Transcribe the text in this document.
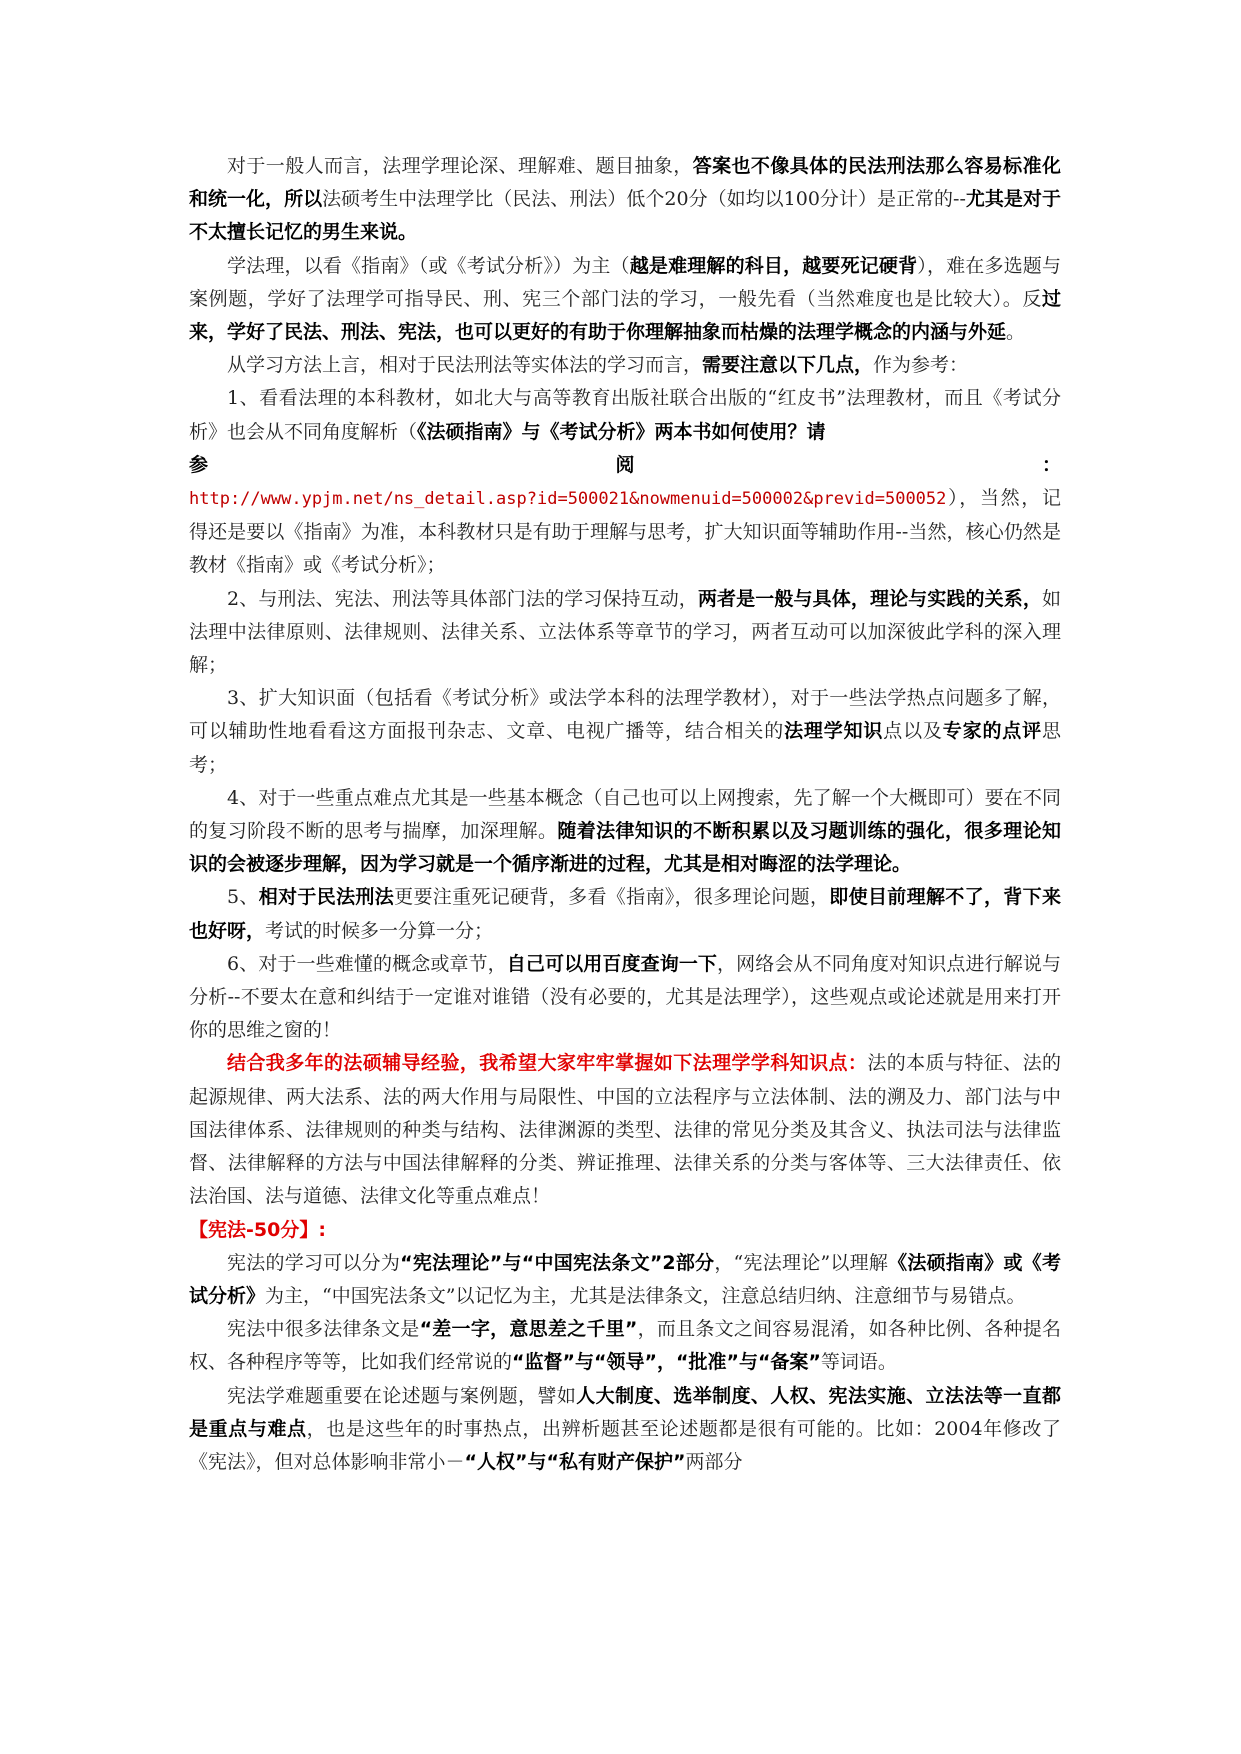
对于一般人而言，法理学理论深、理解难、题目抽象，答案也不像具体的民法刑法那么容易标准化和统一化，所以法硕考生中法理学比（民法、刑法）低个20分（如均以100分计）是正常的--尤其是对于不太擅长记忆的男生来说。

学法理，以看《指南》（或《考试分析》）为主（越是难理解的科目，越要死记硬背），难在多选题与案例题，学好了法理学可指导民、刑、宪三个部门法的学习，一般先看（当然难度也是比较大）。反过来，学好了民法、刑法、宪法，也可以更好的有助于你理解抽象而枯燥的法理学概念的内涵与外延。

从学习方法上言，相对于民法刑法等实体法的学习而言，需要注意以下几点，作为参考：

1、看看法理的本科教材，如北大与高等教育出版社联合出版的“红皮书”法理教材，而且《考试分析》也会从不同角度解析（《法硕指南》与《考试分析》两本书如何使用？请

参	阅	：

http://www.ypjm.net/ns_detail.asp?id=500021&nowmenuid=500002&previd=500052），当然，记得还是要以《指南》为准，本科教材只是有助于理解与思考，扩大知识面等辅助作用--当然，核心仍然是教材《指南》或《考试分析》；

2、与刑法、宪法、刑法等具体部门法的学习保持互动，两者是一般与具体，理论与实践的关系，如法理中法律原则、法律规则、法律关系、立法体系等章节的学习，两者互动可以加深彼此学科的深入理解；

3、扩大知识面（包括看《考试分析》或法学本科的法理学教材），对于一些法学热点问题多了解，可以辅助性地看看这方面报刊杂志、文章、电视广播等，结合相关的法理学知识点以及专家的点评思考；

4、对于一些重点难点尤其是一些基本概念（自己也可以上网搜索，先了解一个大概即可）要在不同的复习阶段不断的思考与揣摩，加深理解。随着法律知识的不断积累以及习题训练的强化，很多理论知识的会被逐步理解，因为学习就是一个循序渐进的过程，尤其是相对晦涩的法学理论。

5、相对于民法刑法更要注重死记硬背，多看《指南》，很多理论问题，即使目前理解不了，背下来也好呀，考试的时候多一分算一分；

6、对于一些难懂的概念或章节，自己可以用百度查询一下，网络会从不同角度对知识点进行解说与分析--不要太在意和纠结于一定谁对谁错（没有必要的，尤其是法理学），这些观点或论述就是用来打开你的思维之窗的！

结合我多年的法硕辅导经验，我希望大家牢牢掌握如下法理学学科知识点：法的本质与特征、法的起源规律、两大法系、法的两大作用与局限性、中国的立法程序与立法体制、法的溯及力、部门法与中国法律体系、法律规则的种类与结构、法律渊源的类型、法律的常见分类及其含义、执法司法与法律监督、法律解释的方法与中国法律解释的分类、辨证推理、法律关系的分类与客体等、三大法律责任、依法治国、法与道德、法律文化等重点难点！

【宪法-50分】:

宪法的学习可以分为“宪法理论”与“中国宪法条文”2部分，“宪法理论”以理解《法硕指南》或《考试分析》为主，“中国宪法条文”以记忆为主，尤其是法律条文，注意总结归纳、注意细节与易错点。

宪法中很多法律条文是“差一字，意思差之千里”，而且条文之间容易混淆，如各种比例、各种提名权、各种程序等等，比如我们经常说的“监督”与“领导”，“批准”与“备案”等词语。

宪法学难题重要在论述题与案例题，譬如人大制度、选举制度、人权、宪法实施、立法法等一直都是重点与难点，也是这些年的时事热点，出辨析题甚至论述题都是很有可能的。比如：2004年修改了《宪法》，但对总体影响非常小－“人权”与“私有财产保护”两部分
